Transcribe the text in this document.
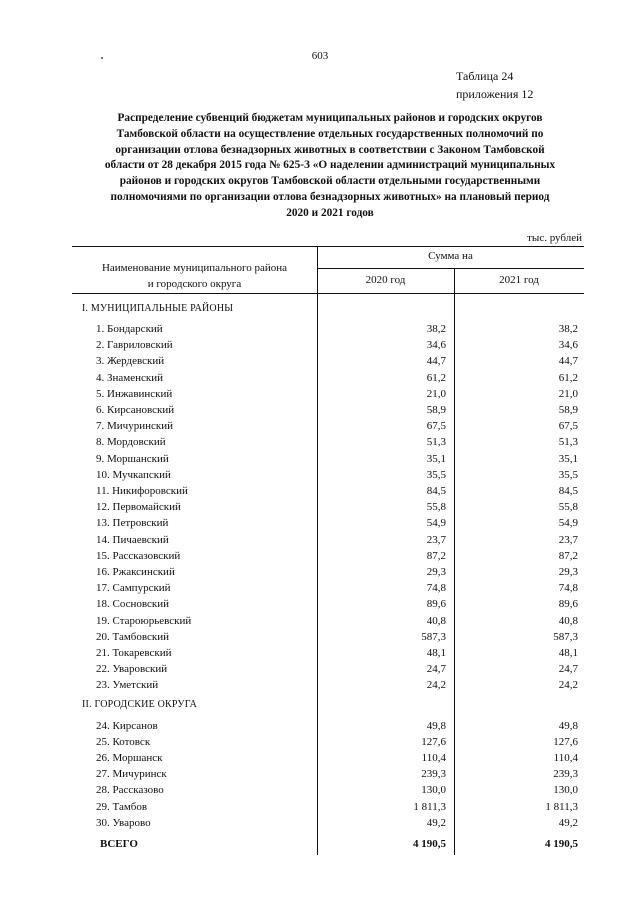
603
Таблица 24
приложения 12
Распределение субвенций бюджетам муниципальных районов и городских округов
Тамбовской области на осуществление отдельных государственных полномочий по
организации отлова безнадзорных животных в соответствии с Законом Тамбовской
области от 28 декабря 2015 года № 625-З «О наделении администраций муниципальных
районов и городских округов Тамбовской области отдельными государственными
полномочиями по организации отлова безнадзорных животных» на плановый период
2020 и 2021 годов
тыс. рублей
Наименование муниципального района
и городского округа
Сумма на
2020 год	2021 год
I. МУНИЦИПАЛЬНЫЕ РАЙОНЫ
1. Бондарский	38,2	38,2
2. Гавриловский	34,6	34,6
3. Жердевский	44,7	44,7
4. Знаменский	61,2	61,2
5. Инжавинский	21,0	21,0
6. Кирсановский	58,9	58,9
7. Мичуринский	67,5	67,5
8. Мордовский	51,3	51,3
9. Моршанский	35,1	35,1
10. Мучкапский	35,5	35,5
11. Никифоровский	84,5	84,5
12. Первомайский	55,8	55,8
13. Петровский	54,9	54,9
14. Пичаевский	23,7	23,7
15. Рассказовский	87,2	87,2
16. Ржаксинский	29,3	29,3
17. Сампурский	74,8	74,8
18. Сосновский	89,6	89,6
19. Староюрьевский	40,8	40,8
20. Тамбовский	587,3	587,3
21. Токаревский	48,1	48,1
22. Уваровский	24,7	24,7
23. Уметский	24,2	24,2
II. ГОРОДСКИЕ ОКРУГА
24. Кирсанов	49,8	49,8
25. Котовск	127,6	127,6
26. Моршанск	110,4	110,4
27. Мичуринск	239,3	239,3
28. Рассказово	130,0	130,0
29. Тамбов	1 811,3	1 811,3
30. Уварово	49,2	49,2
ВСЕГО	4 190,5	4 190,5
